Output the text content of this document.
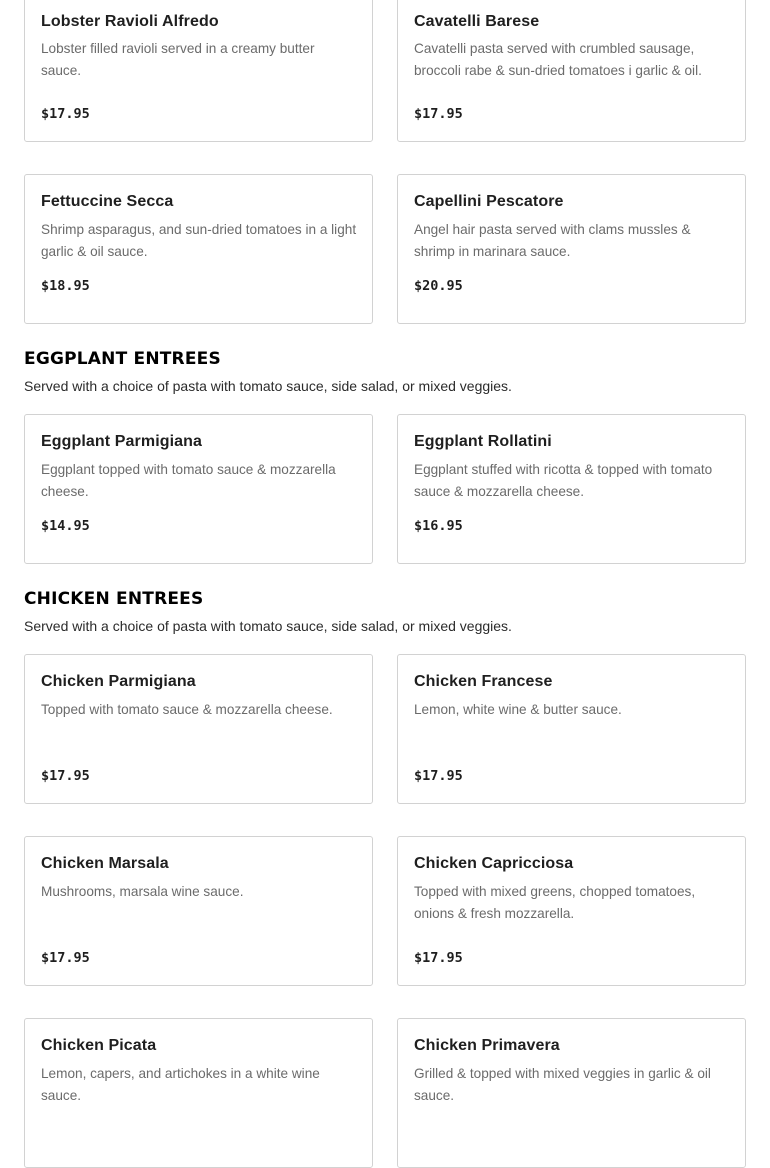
Lobster Ravioli Alfredo

Lobster filled ravioli served in a creamy butter sauce.

$17.95

Cavatelli Barese

Cavatelli pasta served with crumbled sausage, broccoli rabe & sun-dried tomatoes i garlic & oil.

$17.95

Fettuccine Secca

Shrimp asparagus, and sun-dried tomatoes in a light garlic & oil sauce.

$18.95

Capellini Pescatore

Angel hair pasta served with clams mussles & shrimp in marinara sauce.

$20.95

EGGPLANT ENTREES

Served with a choice of pasta with tomato sauce, side salad, or mixed veggies.

Eggplant Parmigiana

Eggplant topped with tomato sauce & mozzarella cheese.

$14.95

Eggplant Rollatini

Eggplant stuffed with ricotta & topped with tomato sauce & mozzarella cheese.

$16.95

CHICKEN ENTREES

Served with a choice of pasta with tomato sauce, side salad, or mixed veggies.

Chicken Parmigiana

Topped with tomato sauce & mozzarella cheese.

$17.95

Chicken Francese

Lemon, white wine & butter sauce.

$17.95

Chicken Marsala

Mushrooms, marsala wine sauce.

$17.95

Chicken Capricciosa

Topped with mixed greens, chopped tomatoes, onions & fresh mozzarella.

$17.95

Chicken Picata

Lemon, capers, and artichokes in a white wine sauce.

Chicken Primavera

Grilled & topped with mixed veggies in garlic & oil sauce.
